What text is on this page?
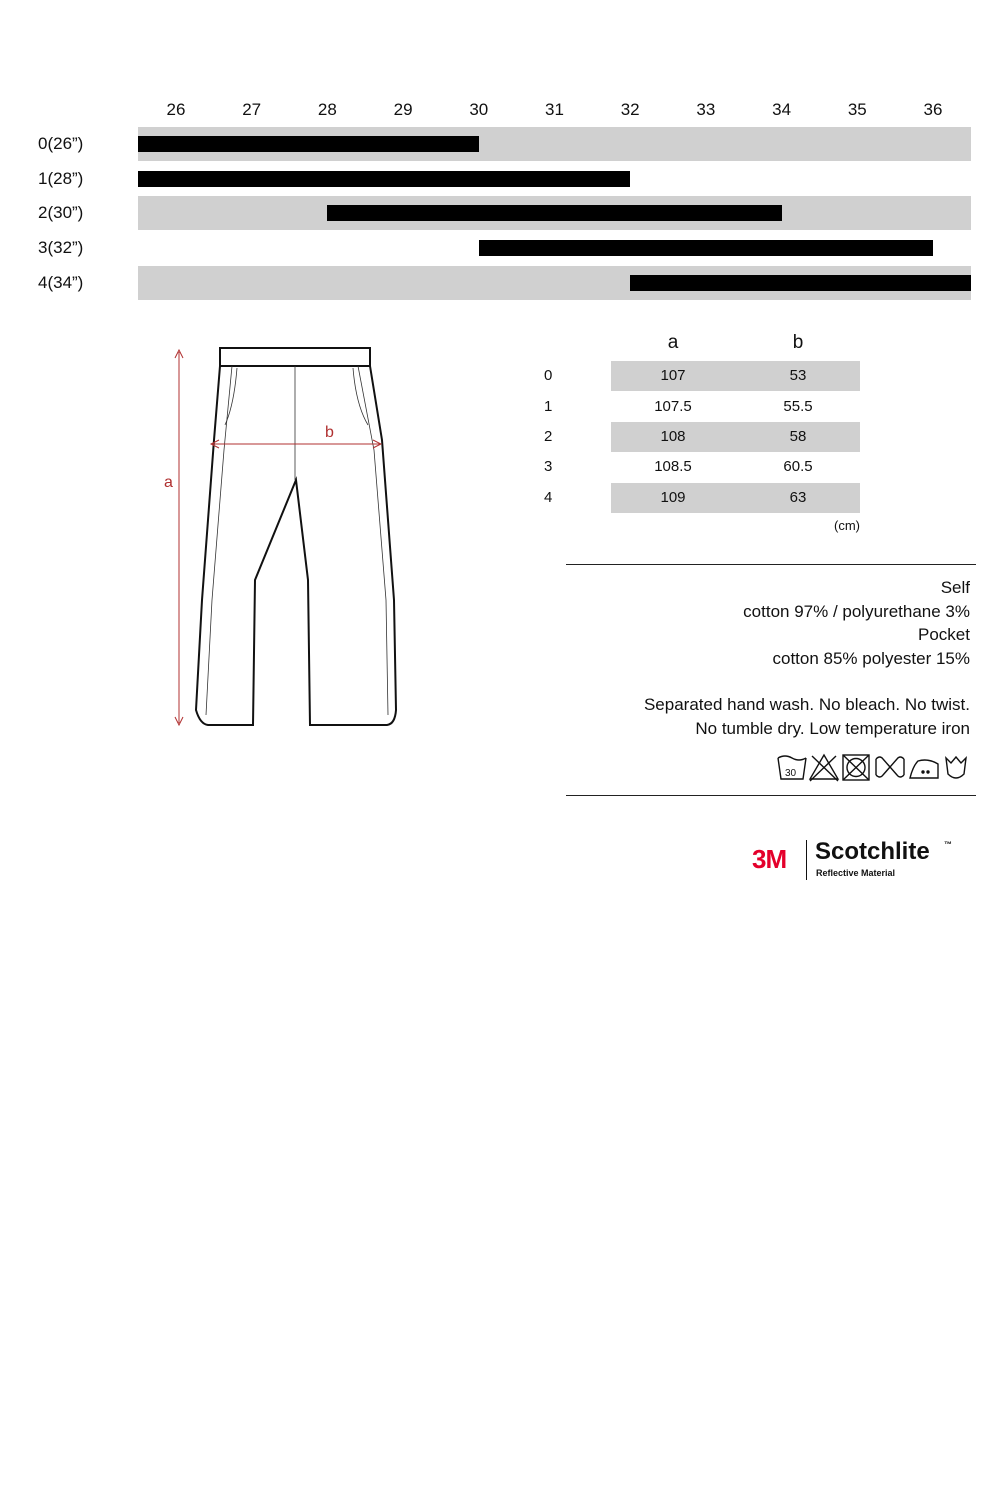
26	27	28	29	30	31	32	33	34	35	36
0(26”)
1(28”)
2(30”)
3(32”)
4(34”)
a
b
a	b
0	107	53
1	107.5	55.5
2	108	58
3	108.5	60.5
4	109	63
(cm)
Self
cotton 97% / polyurethane 3%
Pocket
cotton 85% polyester 15%
Separated hand wash. No bleach. No twist.
No tumble dry. Low temperature iron
30
3M Scotchlite ™
Reflective Material
